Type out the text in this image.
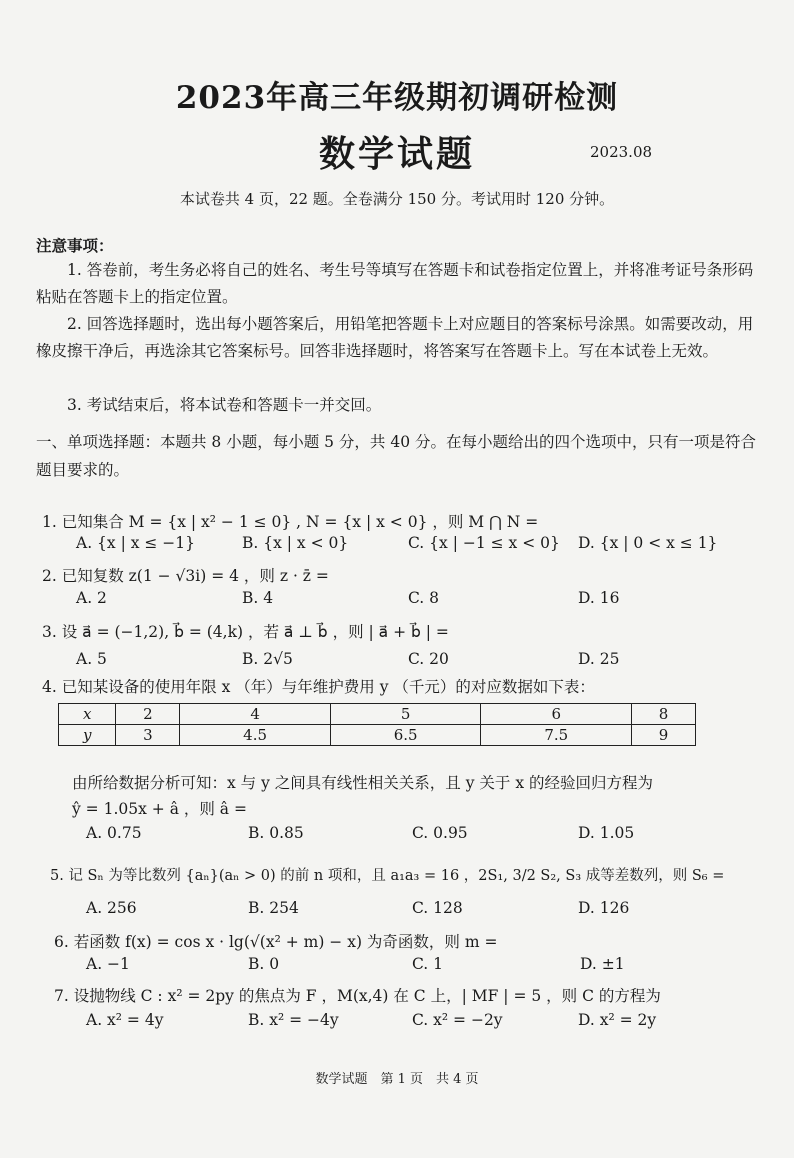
2023年高三年级期初调研检测
数学试题	2023.08
本试卷共 4 页，22 题。全卷满分 150 分。考试用时 120 分钟。
注意事项：
1. 答卷前，考生务必将自己的姓名、考生号等填写在答题卡和试卷指定位置上，并将准考证号条形码粘贴在答题卡上的指定位置。
2. 回答选择题时，选出每小题答案后，用铅笔把答题卡上对应题目的答案标号涂黑。如需要改动，用橡皮擦干净后，再选涂其它答案标号。回答非选择题时，将答案写在答题卡上。写在本试卷上无效。
3. 考试结束后，将本试卷和答题卡一并交回。
一、单项选择题：本题共 8 小题，每小题 5 分，共 40 分。在每小题给出的四个选项中，只有一项是符合题目要求的。
1. 已知集合 M = {x | x² − 1 ≤ 0} , N = {x | x < 0} ，则 M ⋂ N =
A. {x | x ≤ −1}	B. {x | x < 0}	C. {x | −1 ≤ x < 0} D. {x | 0 < x ≤ 1}
2. 已知复数 z(1 − √3i) = 4 ，则 z · z̄ =
A. 2	B. 4	C. 8	D. 16
3. 设 a⃗ = (−1,2), b⃗ = (4,k) ，若 a⃗ ⊥ b⃗ ，则 | a⃗ + b⃗ | =
A. 5	B. 2√5	C. 20	D. 25
4. 已知某设备的使用年限 x （年）与年维护费用 y （千元）的对应数据如下表：
x	2	4	5	6	8
y	3	4.5	6.5	7.5	9
由所给数据分析可知：x 与 y 之间具有线性相关关系，且 y 关于 x 的经验回归方程为
ŷ = 1.05x + â ，则 â =
A. 0.75	B. 0.85	C. 0.95	D. 1.05
5. 记 Sₙ 为等比数列 {aₙ}(aₙ > 0) 的前 n 项和，且 a₁a₃ = 16 ，2S₁, 3/2 S₂, S₃ 成等差数列，则 S₆ =
A. 256	B. 254	C. 128	D. 126
6. 若函数 f(x) = cos x · lg(√(x² + m) − x) 为奇函数，则 m =
A. −1	B. 0	C. 1	D. ±1
7. 设抛物线 C : x² = 2py 的焦点为 F ，M(x,4) 在 C 上，| MF | = 5 ，则 C 的方程为
A. x² = 4y	B. x² = −4y	C. x² = −2y	D. x² = 2y
数学试题　第 1 页　共 4 页
